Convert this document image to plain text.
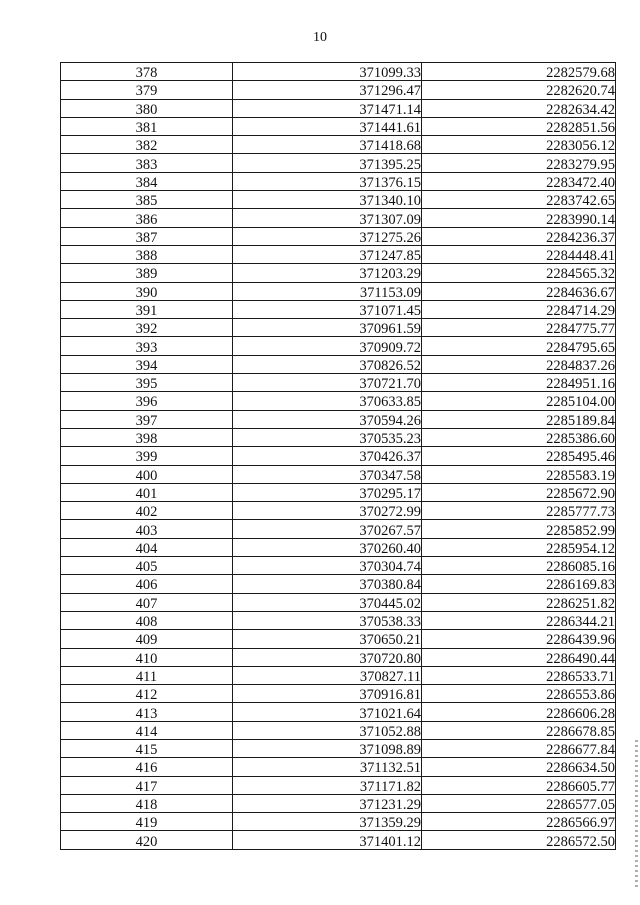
10
378	371099.33	2282579.68
379	371296.47	2282620.74
380	371471.14	2282634.42
381	371441.61	2282851.56
382	371418.68	2283056.12
383	371395.25	2283279.95
384	371376.15	2283472.40
385	371340.10	2283742.65
386	371307.09	2283990.14
387	371275.26	2284236.37
388	371247.85	2284448.41
389	371203.29	2284565.32
390	371153.09	2284636.67
391	371071.45	2284714.29
392	370961.59	2284775.77
393	370909.72	2284795.65
394	370826.52	2284837.26
395	370721.70	2284951.16
396	370633.85	2285104.00
397	370594.26	2285189.84
398	370535.23	2285386.60
399	370426.37	2285495.46
400	370347.58	2285583.19
401	370295.17	2285672.90
402	370272.99	2285777.73
403	370267.57	2285852.99
404	370260.40	2285954.12
405	370304.74	2286085.16
406	370380.84	2286169.83
407	370445.02	2286251.82
408	370538.33	2286344.21
409	370650.21	2286439.96
410	370720.80	2286490.44
411	370827.11	2286533.71
412	370916.81	2286553.86
413	371021.64	2286606.28
414	371052.88	2286678.85
415	371098.89	2286677.84
416	371132.51	2286634.50
417	371171.82	2286605.77
418	371231.29	2286577.05
419	371359.29	2286566.97
420	371401.12	2286572.50
